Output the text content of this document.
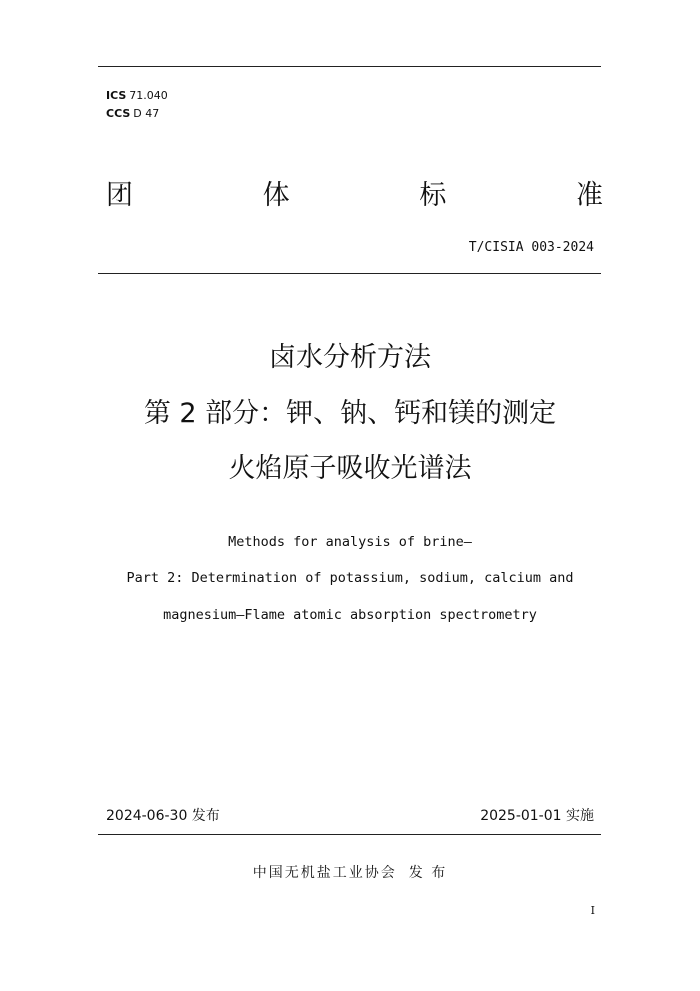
ICS 71.040
CCS D 47
团	体	标	准
T/CISIA 003-2024
卤水分析方法
第 2 部分：钾、钠、钙和镁的测定
火焰原子吸收光谱法
Methods for analysis of brine—
Part 2: Determination of potassium, sodium, calcium and
magnesium—Flame atomic absorption spectrometry
2024-06-30 发布	2025-01-01 实施
中国无机盐工业协会 发 布
I
